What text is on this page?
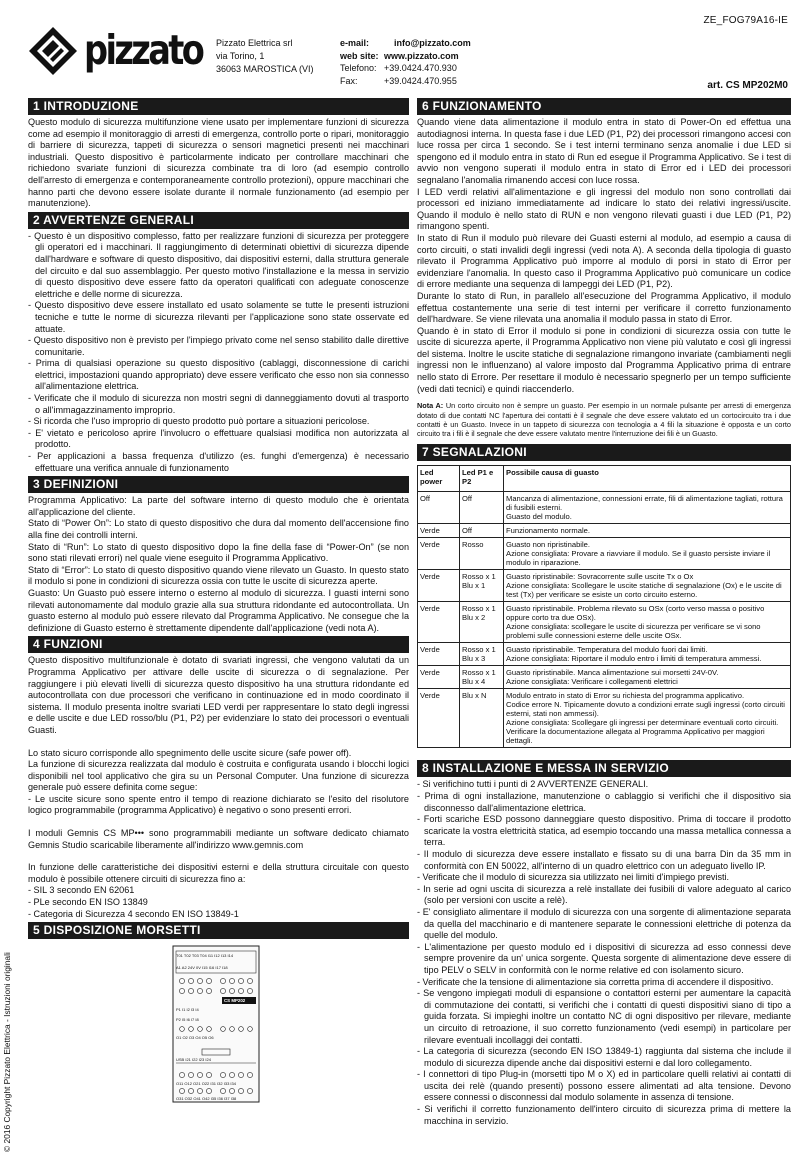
ZE_FOG79A16-IE
pizzato Pizzato Elettrica srl
via Torino, 1
36063 MAROSTICA (VI)
e-mail:	info@pizzato.com
web site: www.pizzato.com
Telefono: +39.0424.470.930
Fax:	+39.0424.470.955	art. CS MP202M0
1 INTRODUZIONE
Questo modulo di sicurezza multifunzione viene usato per implementare funzioni di sicurezza come ad esempio il monitoraggio di arresti di emergenza, controllo porte o ripari, monitoraggio di barriere di sicurezza, tappeti di sicurezza o sensori magnetici presenti nei macchinari industriali. Questo dispositivo è particolarmente indicato per controllare macchinari che richiedono svariate funzioni di sicurezza combinate tra di loro (ad esempio controllo dell'arresto di emergenza e contemporaneamente controllo protezioni), oppure macchinari che hanno parti che devono essere isolate durante il normale funzionamento (ad esempio per manutenzione).
2 AVVERTENZE GENERALI
- Questo è un dispositivo complesso, fatto per realizzare funzioni di sicurezza per proteggere gli operatori ed i macchinari. Il raggiungimento di determinati obiettivi di sicurezza dipende dall'hardware e software di questo dispositivo, dai dispositivi esterni, dalla struttura generale del circuito e dal suo assemblaggio. Per questo motivo l'installazione e la messa in servizio di questo dispositivo deve essere fatto da operatori qualificati con adeguate conoscenze elettriche e delle norme di sicurezza.
- Questo dispositivo deve essere installato ed usato solamente se tutte le presenti istruzioni tecniche e tutte le norme di sicurezza rilevanti per l'applicazione sono state osservate ed attuate.
- Questo dispositivo non è previsto per l'impiego privato come nel senso stabilito dalle direttive comunitarie.
- Prima di qualsiasi operazione su questo dispositivo (cablaggi, disconnessione di carichi elettrici, impostazioni quando appropriato) deve essere verificato che esso non sia connesso all'alimentazione elettrica.
- Verificate che il modulo di sicurezza non mostri segni di danneggiamento dovuti al trasporto o all'immagazzinamento improprio.
- Si ricorda che l'uso improprio di questo prodotto può portare a situazioni pericolose.
- E' vietato e pericoloso aprire l'involucro o effettuare qualsiasi modifica non autorizzata al prodotto.
- Per applicazioni a bassa frequenza d'utilizzo (es. funghi d'emergenza) è necessario effettuare una verifica annuale di funzionamento
3 DEFINIZIONI
Programma Applicativo: La parte del software interno di questo modulo che è orientata all'applicazione del cliente.
Stato di “Power On”: Lo stato di questo dispositivo che dura dal momento dell'accensione fino alla fine dei controlli interni.
Stato di “Run”: Lo stato di questo dispositivo dopo la fine della fase di “Power-On” (se non sono stati rilevati errori) nel quale viene eseguito il Programma Applicativo.
Stato di “Error”: Lo stato di questo dispositivo quando viene rilevato un Guasto. In questo stato il modulo si pone in condizioni di sicurezza ossia con tutte le uscite di sicurezza aperte.
Guasto: Un Guasto può essere interno o esterno al modulo di sicurezza. I guasti interni sono rilevati autonomamente dal modulo grazie alla sua struttura ridondante ed autocontrollata. Un guasto esterno al modulo può essere rilevato dal Programma Applicativo. Ne consegue che la definizione di Guasto esterno è strettamente dipendente dall'applicazione (vedi nota A).
4 FUNZIONI
Questo dispositivo multifunzionale è dotato di svariati ingressi, che vengono valutati da un Programma Applicativo per attivare delle uscite di sicurezza o di segnalazione. Per raggiungere i più elevati livelli di sicurezza questo dispositivo ha una struttura ridondante ed autocontrollata con due processori che verificano in continuazione ed in modo coordinato il sistema. Il modulo presenta inoltre svariati LED verdi per rappresentare lo stato degli ingressi e delle uscite e due LED rosso/blu (P1, P2) per evidenziare lo stato dei processori o eventuali Guasti.
Lo stato sicuro corrisponde allo spegnimento delle uscite sicure (safe power off).
La funzione di sicurezza realizzata dal modulo è costruita e configurata usando i blocchi logici disponibili nel tool applicativo che gira su un Personal Computer. Una funzione di sicurezza generale può essere definita come segue:
- Le uscite sicure sono spente entro il tempo di reazione dichiarato se l'esito del risolutore logico programmabile (programma Applicativo) è negativo o sono presenti errori.
I moduli Gemnis CS MP••• sono programmabili mediante un software dedicato chiamato Gemnis Studio scaricabile liberamente all'indirizzo www.gemnis.com
In funzione delle caratteristiche dei dispositivi esterni e della struttura circuitale con questo modulo è possibile ottenere circuiti di sicurezza fino a:
- SIL 3 secondo EN 62061
- PLe secondo EN ISO 13849
- Categoria di Sicurezza 4 secondo EN ISO 13849-1
5 DISPOSIZIONE MORSETTI
T01 T02 T03 T04 I11 I12 I13 I14
A1 A2 24V 0V I15 I16 I17 I18
CS MP202
P1 I1 I2 I3 I4
P2 I5 I6 I7 I8
O1 O2 O3 O4 O5 O6
USB I21 I22 I23 I24
O11 O12 O21 O22 I31 I32 I33 I34
O31 O32 O41 O42 I35 I36 I37 I38
6 FUNZIONAMENTO
Quando viene data alimentazione il modulo entra in stato di Power-On ed effettua una autodiagnosi interna. In questa fase i due LED (P1, P2) dei processori rimangono accesi con luce rossa per circa 1 secondo. Se i test interni terminano senza anomalie i due LED si spengono ed il modulo entra in stato di Run ed esegue il Programma Applicativo. Se i test di avvio non vengono superati il modulo entra in stato di Error ed i LED dei processori segnalano l'anomalia rimanendo accesi con luce rossa.
I LED verdi relativi all'alimentazione e gli ingressi del modulo non sono controllati dai processori ed iniziano immediatamente ad indicare lo stato dei relativi ingressi/uscite. Quando il modulo è nello stato di RUN e non vengono rilevati guasti i due LED (P1, P2) rimangono spenti.
In stato di Run il modulo può rilevare dei Guasti esterni al modulo, ad esempio a causa di corto circuiti, o stati invalidi degli ingressi (vedi nota A). A seconda della tipologia di guasto rilevato il Programma Applicativo può imporre al modulo di porsi in stato di Error per evidenziare l'anomalia. In questo caso il Programma Applicativo può comunicare un codice di errore mediante una sequenza di lampeggi dei LED (P1, P2).
Durante lo stato di Run, in parallelo all'esecuzione del Programma Applicativo, il modulo effettua costantemente una serie di test interni per verificare il corretto funzionamento dell'hardware. Se viene rilevata una anomalia il modulo passa in stato di Error.
Quando è in stato di Error il modulo si pone in condizioni di sicurezza ossia con tutte le uscite di sicurezza aperte, il Programma Applicativo non viene più valutato e così gli ingressi del sistema. Inoltre le uscite statiche di segnalazione rimangono invariate (cambiamenti negli ingressi non le influenzano) al valore imposto dal Programma Applicativo prima di entrare nello stato di Errore. Per resettare il modulo è necessario spegnerlo per un tempo sufficiente (vedi dati tecnici) e quindi riaccenderlo.
Nota A: Un corto circuito non è sempre un guasto. Per esempio in un normale pulsante per arresti di emergenza dotato di due contatti NC l'apertura dei contatti è il segnale che deve essere valutato ed un cortocircuito tra i due contatti è un Guasto. Invece in un tappeto di sicurezza con tecnologia a 4 fili la situazione è opposta e un corto circuito tra i fili è il segnale che deve essere valutato mentre l'interruzione dei fili è un Guasto.
7 SEGNALAZIONI
Led power	Led P1 e P2	Possibile causa di guasto
Off	Off	Mancanza di alimentazione, connessioni errate, fili di alimentazione tagliati, rottura di fusibili esterni.
Guasto del modulo.
Verde	Off	Funzionamento normale.
Verde	Rosso	Guasto non ripristinabile.
Azione consigliata: Provare a riavviare il modulo. Se il guasto persiste inviare il modulo in riparazione.
Verde	Rosso x 1
Blu x 1	Guasto ripristinabile: Sovracorrente sulle uscite Tx o Ox
Azione consigliata: Scollegare le uscite statiche di segnalazione (Ox) e le uscite di test (Tx) per verificare se esiste un corto circuito esterno.
Verde	Rosso x 1
Blu x 2	Guasto ripristinabile. Problema rilevato su OSx (corto verso massa o positivo oppure corto tra due OSx).
Azione consigliata: scollegare le uscite di sicurezza per verificare se vi sono problemi sulle connessioni esterne delle uscite OSx.
Verde	Rosso x 1
Blu x 3	Guasto ripristinabile. Temperatura del modulo fuori dai limiti.
Azione consigliata: Riportare il modulo entro i limiti di temperatura ammessi.
Verde	Rosso x 1
Blu x 4	Guasto ripristinabile. Manca alimentazione sui morsetti 24V-0V.
Azione consigliata: Verificare i collegamenti elettrici
Verde	Blu x N	Modulo entrato in stato di Error su richiesta del programma applicativo.
Codice errore N. Tipicamente dovuto a condizioni errate sugli ingressi (corto circuiti esterni, stati non ammessi).
Azione consigliata: Scollegare gli ingressi per determinare eventuali corto circuiti. Verificare la documentazione allegata al Programma Applicativo per maggiori dettagli.
8 INSTALLAZIONE E MESSA IN SERVIZIO
- Si verifichino tutti i punti di 2 AVVERTENZE GENERALI.
- Prima di ogni installazione, manutenzione o cablaggio si verifichi che il dispositivo sia disconnesso dall'alimentazione elettrica.
- Forti scariche ESD possono danneggiare questo dispositivo. Prima di toccare il prodotto scaricate la vostra elettricità statica, ad esempio toccando una massa metallica connessa a terra.
- Il modulo di sicurezza deve essere installato e fissato su di una barra Din da 35 mm in conformità con EN 50022, all'interno di un quadro elettrico con un adeguato livello IP.
- Verificate che il modulo di sicurezza sia utilizzato nei limiti d'impiego previsti.
- In serie ad ogni uscita di sicurezza a relè installate dei fusibili di valore adeguato al carico (solo per versioni con uscite a relè).
- E' consigliato alimentare il modulo di sicurezza con una sorgente di alimentazione separata da quella del macchinario e di mantenere separate le connessioni elettriche di potenza da quelle del modulo.
- L'alimentazione per questo modulo ed i dispositivi di sicurezza ad esso connessi deve sempre provenire da un' unica sorgente. Questa sorgente di alimentazione deve essere di tipo PELV o SELV in conformità con le norme relative ed con isolamento sicuro.
- Verificate che la tensione di alimentazione sia corretta prima di accendere il dispositivo.
- Se vengono impiegati moduli di espansione o contattori esterni per aumentare la capacità di commutazione dei contatti, si verifichi che i contatti di questi dispositivi siano di tipo a guida forzata. Si impieghi inoltre un contatto NC di ogni dispositivo per rilevare, mediante un circuito di retroazione, il suo corretto funzionamento (vedi esempi) in particolare per rilevare eventuali incollaggi dei contatti.
- La categoria di sicurezza (secondo EN ISO 13849-1) raggiunta dal sistema che include il modulo di sicurezza dipende anche dai dispositivi esterni e dal loro collegamento.
- I connettori di tipo Plug-in (morsetti tipo M o X) ed in particolare quelli relativi ai contatti di uscita dei relè (quando presenti) possono essere alimentati ad alta tensione. Devono essere connessi o disconnessi dal modulo solamente in assenza di tensione.
- Si verifichi il corretto funzionamento dell'intero circuito di sicurezza prima di mettere la macchina in servizio.
© 2016 Copyright Pizzato Elettrica - Istruzioni originali
